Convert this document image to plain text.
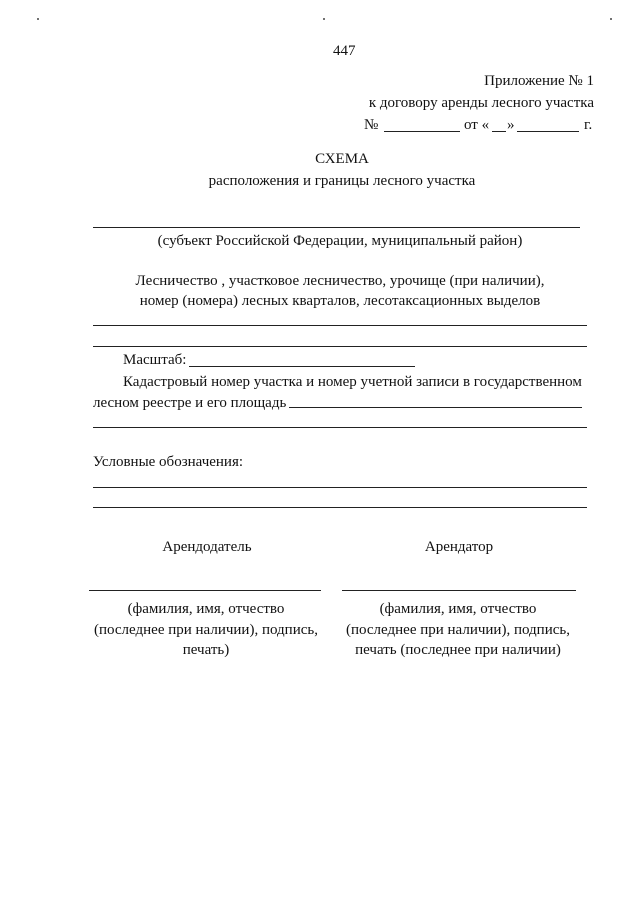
447
Приложение № 1
к договору аренды лесного участка
№	от « »	г.
СХЕМА
расположения и границы лесного участка
(субъект Российской Федерации, муниципальный район)
Лесничество , участковое лесничество, урочище (при наличии),
номер (номера) лесных кварталов, лесотаксационных выделов
Масштаб:
Кадастровый номер участка и номер учетной записи в государственном
лесном реестре и его площадь
Условные обозначения:
Арендодатель
(фамилия, имя, отчество
(последнее при наличии), подпись,
печать)
Арендатор
(фамилия, имя, отчество
(последнее при наличии), подпись,
печать (последнее при наличии)
